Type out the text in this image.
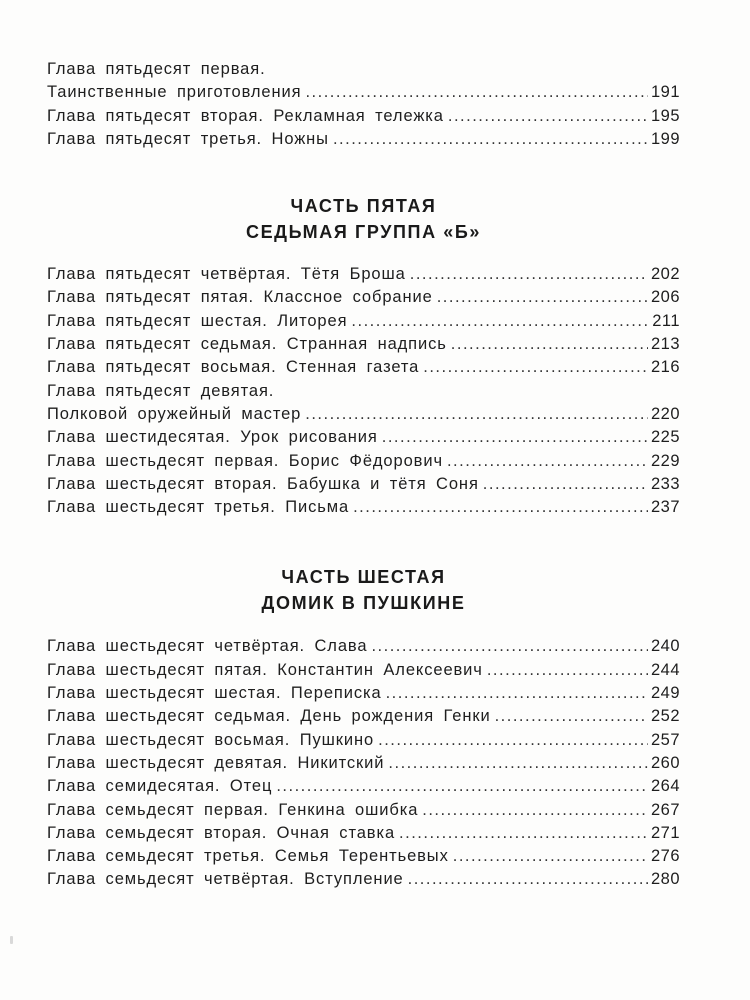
Глава пятьдесят первая.
Таинственные приготовления .....	191
Глава пятьдесят вторая. Рекламная тележка .....	195
Глава пятьдесят третья. Ножны .....	199
ЧАСТЬ ПЯТАЯ
СЕДЬМАЯ ГРУППА «Б»
Глава пятьдесят четвёртая. Тётя Броша .....	202
Глава пятьдесят пятая. Классное собрание .....	206
Глава пятьдесят шестая. Литорея .....	211
Глава пятьдесят седьмая. Странная надпись .....	213
Глава пятьдесят восьмая. Стенная газета .....	216
Глава пятьдесят девятая.
Полковой оружейный мастер .....	220
Глава шестидесятая. Урок рисования .....	225
Глава шестьдесят первая. Борис Фёдорович .....	229
Глава шестьдесят вторая. Бабушка и тётя Соня .....	233
Глава шестьдесят третья. Письма .....	237
ЧАСТЬ ШЕСТАЯ
ДОМИК В ПУШКИНЕ
Глава шестьдесят четвёртая. Слава .....	240
Глава шестьдесят пятая. Константин Алексеевич .....	244
Глава шестьдесят шестая. Переписка .....	249
Глава шестьдесят седьмая. День рождения Генки .....	252
Глава шестьдесят восьмая. Пушкино .....	257
Глава шестьдесят девятая. Никитский .....	260
Глава семидесятая. Отец .....	264
Глава семьдесят первая. Генкина ошибка .....	267
Глава семьдесят вторая. Очная ставка .....	271
Глава семьдесят третья. Семья Терентьевых .....	276
Глава семьдесят четвёртая. Вступление .....	280
